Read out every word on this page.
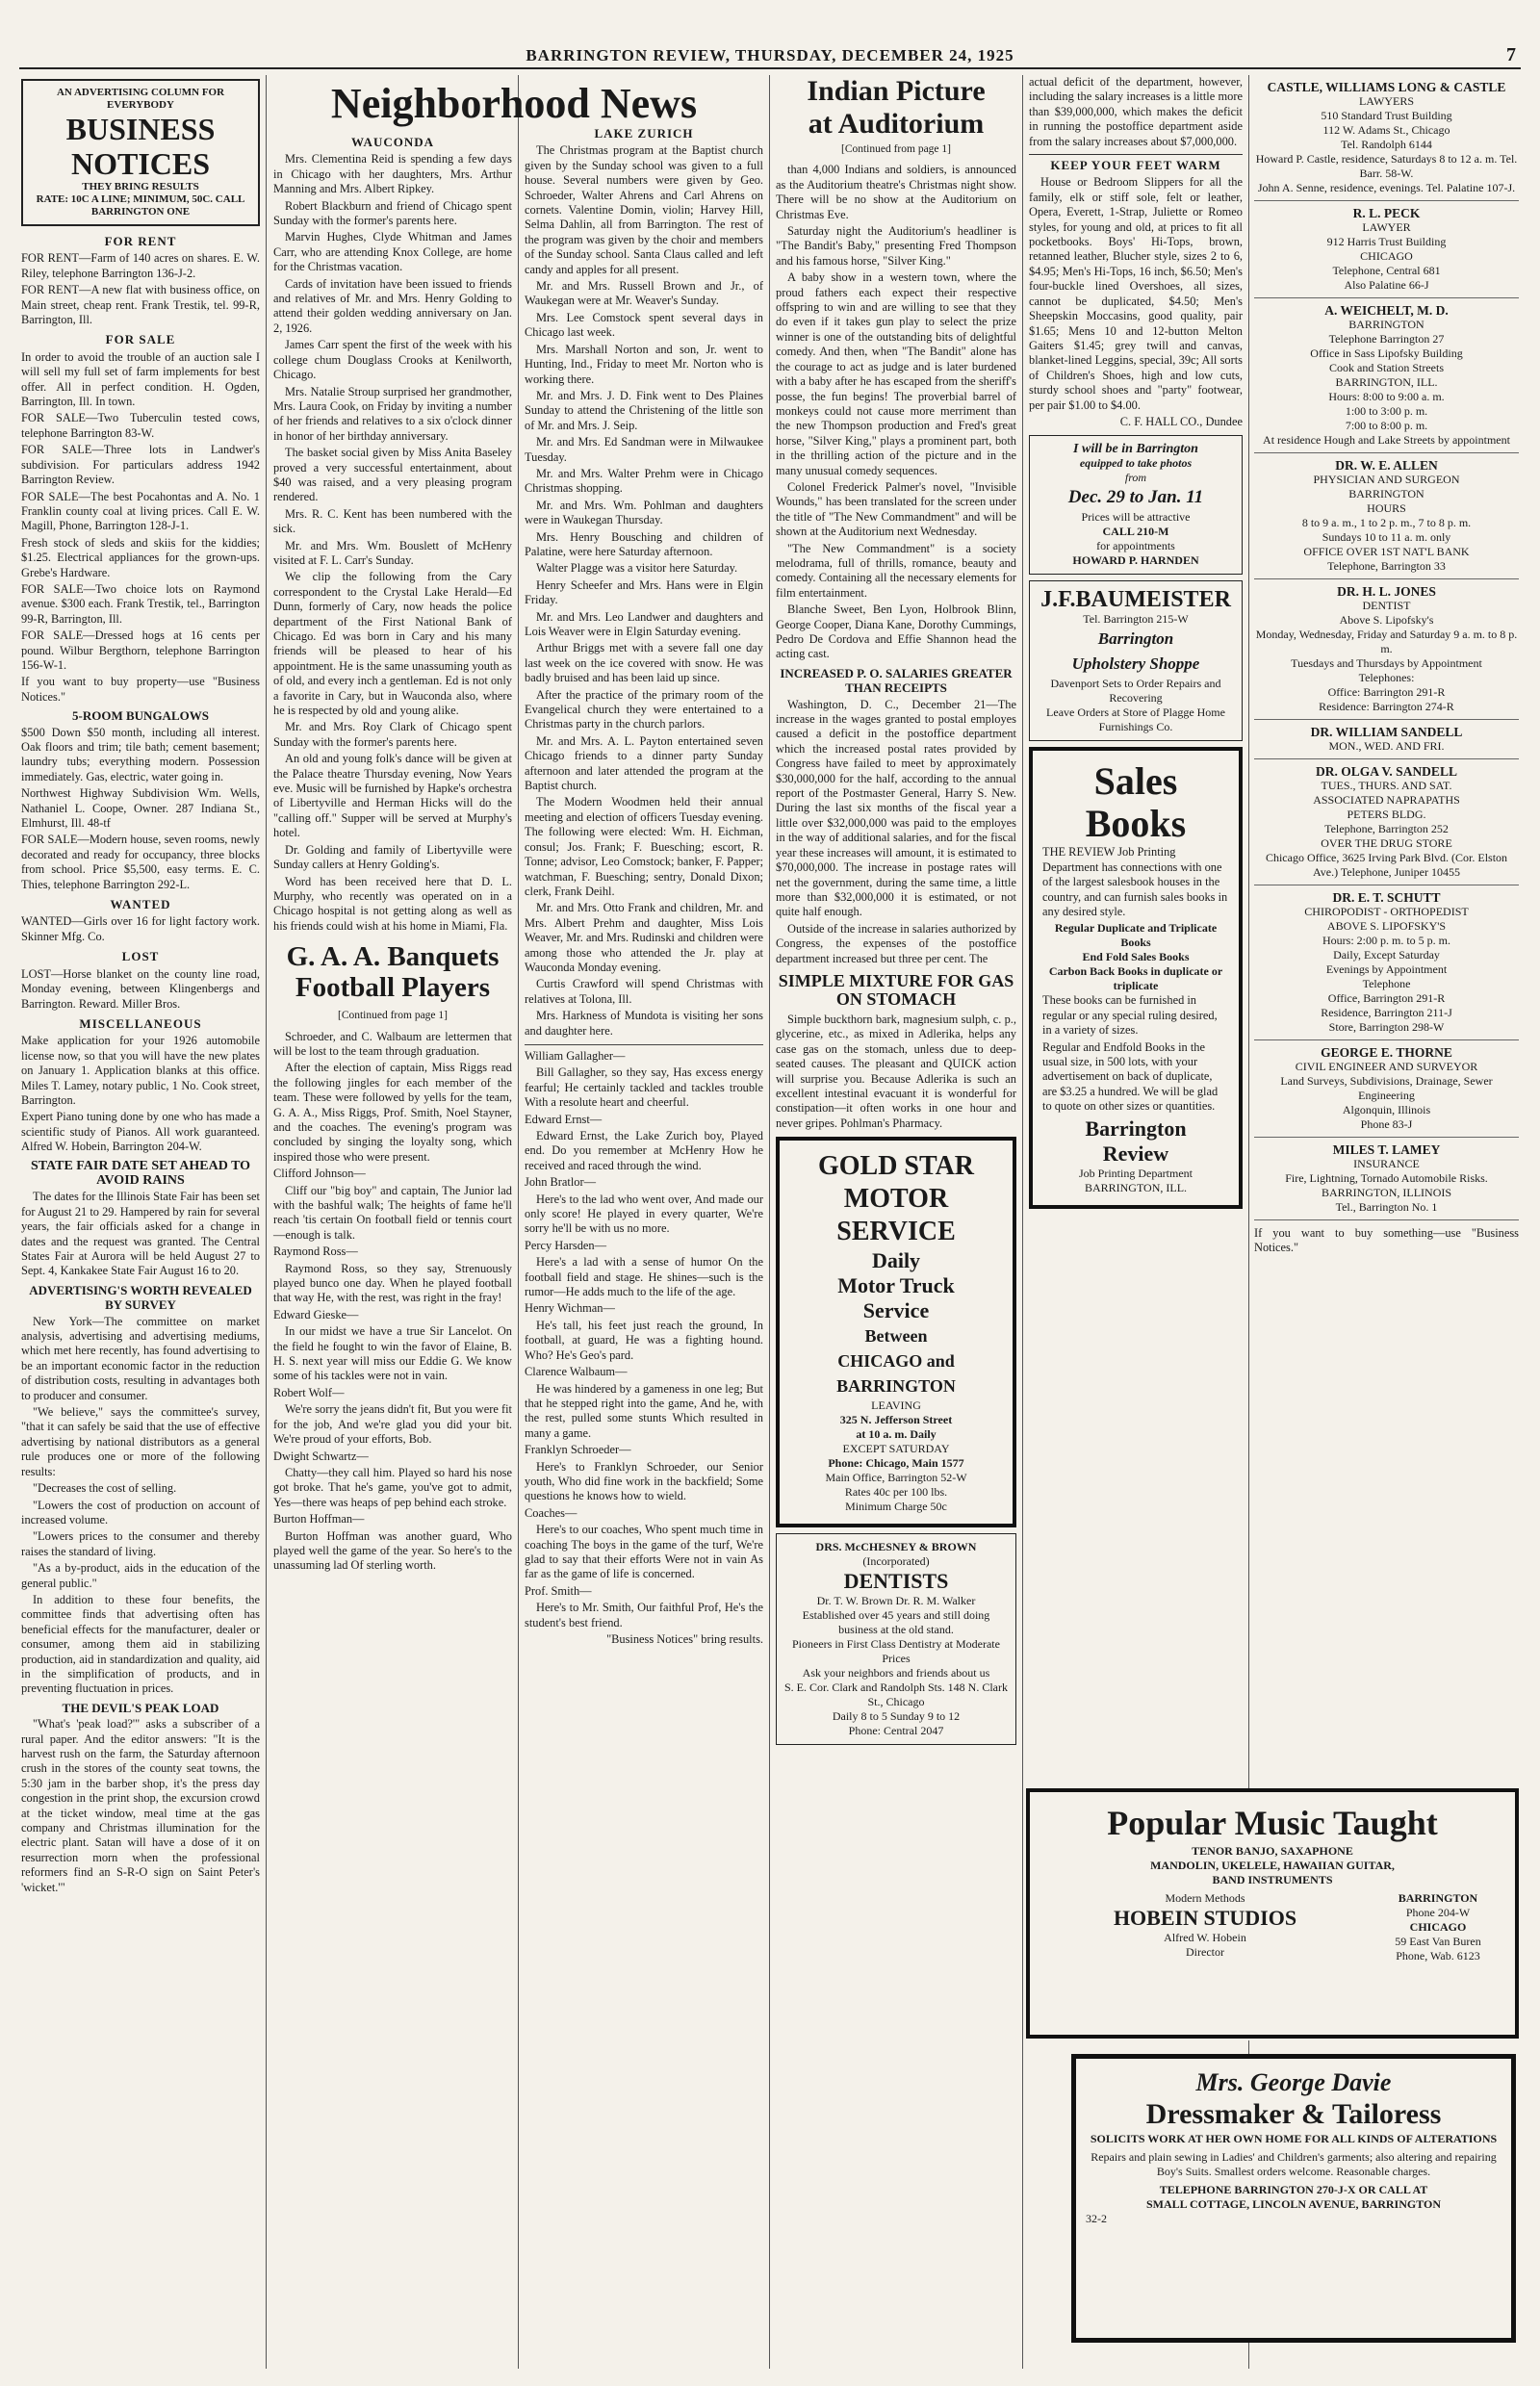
BARRINGTON REVIEW, THURSDAY, DECEMBER 24, 1925	7
AN ADVERTISING COLUMN FOR EVERYBODY
BUSINESS NOTICES
THEY BRING RESULTS
RATE: 10C A LINE; MINIMUM, 50C. CALL BARRINGTON ONE
FOR RENT

FOR RENT—Farm of 140 acres on shares. E. W. Riley, telephone Barrington 136-J-2.

FOR RENT—A new flat with business office, on Main street, cheap rent. Frank Trestik, tel. 99-R, Barrington, Ill.

FOR SALE

In order to avoid the trouble of an auction sale I will sell my full set of farm implements for best offer. All in perfect condition. H. Ogden, Barrington, Ill. In town.

FOR SALE—Two Tuberculin tested cows, telephone Barrington 83-W.

FOR SALE—Three lots in Landwer's subdivision. For particulars address 1942 Barrington Review.

FOR SALE—The best Pocahontas and A. No. 1 Franklin county coal at living prices. Call E. W. Magill, Phone, Barrington 128-J-1.

Fresh stock of sleds and skiis for the kiddies; $1.25. Electrical appliances for the grown-ups. Grebe's Hardware.

FOR SALE—Two choice lots on Raymond avenue. $300 each. Frank Trestik, tel., Barrington 99-R, Barrington, Ill.

FOR SALE—Dressed hogs at 16 cents per pound. Wilbur Bergthorn, telephone Barrington 156-W-1.

If you want to buy property—use "Business Notices."

5-ROOM BUNGALOWS

$500 Down $50 month, including all interest. Oak floors and trim; tile bath; cement basement; laundry tubs; everything modern. Possession immediately. Gas, electric, water going in.

Northwest Highway Subdivision Wm. Wells, Nathaniel L. Coope, Owner. 287 Indiana St., Elmhurst, Ill. 48-tf

FOR SALE—Modern house, seven rooms, newly decorated and ready for occupancy, three blocks from school. Price $5,500, easy terms. E. C. Thies, telephone Barrington 292-L.

WANTED

WANTED—Girls over 16 for light factory work. Skinner Mfg. Co.

LOST

LOST—Horse blanket on the county line road, Monday evening, between Klingenbergs and Barrington. Reward. Miller Bros.

MISCELLANEOUS

Make application for your 1926 automobile license now, so that you will have the new plates on January 1. Application blanks at this office. Miles T. Lamey, notary public, 1 No. Cook street, Barrington.

Expert Piano tuning done by one who has made a scientific study of Pianos. All work guaranteed. Alfred W. Hobein, Barrington 204-W.

STATE FAIR DATE SET AHEAD TO AVOID RAINS

The dates for the Illinois State Fair has been set for August 21 to 29. Hampered by rain for several years, the fair officials asked for a change in dates and the request was granted. The Central States Fair at Aurora will be held August 27 to Sept. 4, Kankakee State Fair August 16 to 20.

ADVERTISING'S WORTH REVEALED BY SURVEY

New York—The committee on market analysis, advertising and advertising mediums, which met here recently, has found advertising to be an important economic factor in the reduction of distribution costs, resulting in advantages both to producer and consumer.

"We believe," says the committee's survey, "that it can safely be said that the use of effective advertising by national distributors as a general rule produces one or more of the following results:

"Decreases the cost of selling.

"Lowers the cost of production on account of increased volume.

"Lowers prices to the consumer and thereby raises the standard of living.

"As a by-product, aids in the education of the general public."

In addition to these four benefits, the committee finds that advertising often has beneficial effects for the manufacturer, dealer or consumer, among them aid in stabilizing production, aid in standardization and quality, aid in the simplification of products, and in preventing fluctuation in prices.

THE DEVIL'S PEAK LOAD

"What's 'peak load?'" asks a subscriber of a rural paper. And the editor answers: "It is the harvest rush on the farm, the Saturday afternoon crush in the stores of the county seat towns, the 5:30 jam in the barber shop, it's the press day congestion in the print shop, the excursion crowd at the ticket window, meal time at the gas company and Christmas illumination for the electric plant. Satan will have a dose of it on resurrection morn when the professional reformers find an S-R-O sign on Saint Peter's 'wicket.'"

Neighborhood News
WAUCONDA

Mrs. Clementina Reid is spending a few days in Chicago with her daughters, Mrs. Arthur Manning and Mrs. Albert Ripkey.

Robert Blackburn and friend of Chicago spent Sunday with the former's parents here.

Marvin Hughes, Clyde Whitman and James Carr, who are attending Knox College, are home for the Christmas vacation.

Cards of invitation have been issued to friends and relatives of Mr. and Mrs. Henry Golding to attend their golden wedding anniversary on Jan. 2, 1926.

James Carr spent the first of the week with his college chum Douglass Crooks at Kenilworth, Chicago.

Mrs. Natalie Stroup surprised her grandmother, Mrs. Laura Cook, on Friday by inviting a number of her friends and relatives to a six o'clock dinner in honor of her birthday anniversary.

The basket social given by Miss Anita Baseley proved a very successful entertainment, about $40 was raised, and a very pleasing program rendered.

Mrs. R. C. Kent has been numbered with the sick.

Mr. and Mrs. Wm. Bouslett of McHenry visited at F. L. Carr's Sunday.

We clip the following from the Cary correspondent to the Crystal Lake Herald—Ed Dunn, formerly of Cary, now heads the police department of the First National Bank of Chicago. Ed was born in Cary and his many friends will be pleased to hear of his appointment. He is the same unassuming youth as of old, and every inch a gentleman. Ed is not only a favorite in Cary, but in Wauconda also, where he is respected by old and young alike.

Mr. and Mrs. Roy Clark of Chicago spent Sunday with the former's parents here.

An old and young folk's dance will be given at the Palace theatre Thursday evening, Now Years eve. Music will be furnished by Hapke's orchestra of Libertyville and Herman Hicks will do the "calling off." Supper will be served at Murphy's hotel.

Dr. Golding and family of Libertyville were Sunday callers at Henry Golding's.

Word has been received here that D. L. Murphy, who recently was operated on in a Chicago hospital is not getting along as well as his friends could wish at his home in Miami, Fla.

G. A. A. Banquets Football Players
[Continued from page 1]

Schroeder, and C. Walbaum are lettermen that will be lost to the team through graduation.

After the election of captain, Miss Riggs read the following jingles for each member of the team. These were followed by yells for the team, G. A. A., Miss Riggs, Prof. Smith, Noel Stayner, and the coaches. The evening's program was concluded by singing the loyalty song, which inspired those who were present.

Clifford Johnson—

Cliff our "big boy" and captain, The Junior lad with the bashful walk; The heights of fame he'll reach 'tis certain On football field or tennis court—enough is talk.

Raymond Ross—

Raymond Ross, so they say, Strenuously played bunco one day. When he played football that way He, with the rest, was right in the fray!

Edward Gieske—

In our midst we have a true Sir Lancelot. On the field he fought to win the favor of Elaine, B. H. S. next year will miss our Eddie G. We know some of his tackles were not in vain.

Robert Wolf—

We're sorry the jeans didn't fit, But you were fit for the job, And we're glad you did your bit. We're proud of your efforts, Bob.

Dwight Schwartz—

Chatty—they call him. Played so hard his nose got broke. That he's game, you've got to admit, Yes—there was heaps of pep behind each stroke.

Burton Hoffman—

Burton Hoffman was another guard, Who played well the game of the year. So here's to the unassuming lad Of sterling worth.

LAKE ZURICH

The Christmas program at the Baptist church given by the Sunday school was given to a full house. Several numbers were given by Geo. Schroeder, Walter Ahrens and Carl Ahrens on cornets. Valentine Domin, violin; Harvey Hill, Selma Dahlin, all from Barrington. The rest of the program was given by the choir and members of the Sunday school. Santa Claus called and left candy and apples for all present.

Mr. and Mrs. Russell Brown and Jr., of Waukegan were at Mr. Weaver's Sunday.

Mrs. Lee Comstock spent several days in Chicago last week.

Mrs. Marshall Norton and son, Jr. went to Hunting, Ind., Friday to meet Mr. Norton who is working there.

Mr. and Mrs. J. D. Fink went to Des Plaines Sunday to attend the Christening of the little son of Mr. and Mrs. J. Seip.

Mr. and Mrs. Ed Sandman were in Milwaukee Tuesday.

Mr. and Mrs. Walter Prehm were in Chicago Christmas shopping.

Mr. and Mrs. Wm. Pohlman and daughters were in Waukegan Thursday.

Mrs. Henry Bousching and children of Palatine, were here Saturday afternoon.

Walter Plagge was a visitor here Saturday.

Henry Scheefer and Mrs. Hans were in Elgin Friday.

Mr. and Mrs. Leo Landwer and daughters and Lois Weaver were in Elgin Saturday evening.

Arthur Briggs met with a severe fall one day last week on the ice covered with snow. He was badly bruised and has been laid up since.

After the practice of the primary room of the Evangelical church they were entertained to a Christmas party in the church parlors.

Mr. and Mrs. A. L. Payton entertained seven Chicago friends to a dinner party Sunday afternoon and later attended the program at the Baptist church.

The Modern Woodmen held their annual meeting and election of officers Tuesday evening. The following were elected: Wm. H. Eichman, consul; Jos. Frank; F. Buesching; escort, R. Tonne; advisor, Leo Comstock; banker, F. Papper; watchman, F. Buesching; sentry, Donald Dixon; clerk, Frank Deihl.

Mr. and Mrs. Otto Frank and children, Mr. and Mrs. Albert Prehm and daughter, Miss Lois Weaver, Mr. and Mrs. Rudinski and children were among those who attended the Jr. play at Wauconda Monday evening.

Curtis Crawford will spend Christmas with relatives at Tolona, Ill.

Mrs. Harkness of Mundota is visiting her sons and daughter here.

William Gallagher—

Bill Gallagher, so they say, Has excess energy fearful; He certainly tackled and tackles trouble With a resolute heart and cheerful.

Edward Ernst—

Edward Ernst, the Lake Zurich boy, Played end. Do you remember at McHenry How he received and raced through the wind.

John Bratlor—

Here's to the lad who went over, And made our only score! He played in every quarter, We're sorry he'll be with us no more.

Percy Harsden—

Here's a lad with a sense of humor On the football field and stage. He shines—such is the rumor—He adds much to the life of the age.

Henry Wichman—

He's tall, his feet just reach the ground, In football, at guard, He was a fighting hound. Who? He's Geo's pard.

Clarence Walbaum—

He was hindered by a gameness in one leg; But that he stepped right into the game, And he, with the rest, pulled some stunts Which resulted in many a game.

Franklyn Schroeder—

Here's to Franklyn Schroeder, our Senior youth, Who did fine work in the backfield; Some questions he knows how to wield.

Coaches—

Here's to our coaches, Who spent much time in coaching The boys in the game of the turf, We're glad to say that their efforts Were not in vain As far as the game of life is concerned.

Prof. Smith—

Here's to Mr. Smith, Our faithful Prof, He's the student's best friend.

"Business Notices" bring results.

Indian Picture
at Auditorium
[Continued from page 1]

than 4,000 Indians and soldiers, is announced as the Auditorium theatre's Christmas night show. There will be no show at the Auditorium on Christmas Eve.

Saturday night the Auditorium's headliner is "The Bandit's Baby," presenting Fred Thompson and his famous horse, "Silver King."

A baby show in a western town, where the proud fathers each expect their respective offspring to win and are willing to see that they do even if it takes gun play to select the prize winner is one of the outstanding bits of delightful comedy. And then, when "The Bandit" alone has the courage to act as judge and is later burdened with a baby after he has escaped from the sheriff's posse, the fun begins! The proverbial barrel of monkeys could not cause more merriment than the new Thompson production and Fred's great horse, "Silver King," plays a prominent part, both in the thrilling action of the picture and in the many unusual comedy sequences.

Colonel Frederick Palmer's novel, "Invisible Wounds," has been translated for the screen under the title of "The New Commandment" and will be shown at the Auditorium next Wednesday.

"The New Commandment" is a society melodrama, full of thrills, romance, beauty and comedy. Containing all the necessary elements for film entertainment.

Blanche Sweet, Ben Lyon, Holbrook Blinn, George Cooper, Diana Kane, Dorothy Cummings, Pedro De Cordova and Effie Shannon head the acting cast.

INCREASED P. O. SALARIES GREATER THAN RECEIPTS

Washington, D. C., December 21—The increase in the wages granted to postal employes caused a deficit in the postoffice department which the increased postal rates provided by Congress have failed to meet by approximately $30,000,000 for the half, according to the annual report of the Postmaster General, Harry S. New. During the last six months of the fiscal year a little over $32,000,000 was paid to the employes in the way of additional salaries, and for the fiscal year these increases will amount, it is estimated to $70,000,000. The increase in postage rates will net the government, during the same time, a little more than $32,000,000 it is estimated, or not quite half enough.

Outside of the increase in salaries authorized by Congress, the expenses of the postoffice department increased but three per cent. The

SIMPLE MIXTURE FOR GAS ON STOMACH

Simple buckthorn bark, magnesium sulph, c. p., glycerine, etc., as mixed in Adlerika, helps any case gas on the stomach, unless due to deep-seated causes. The pleasant and QUICK action will surprise you. Because Adlerika is such an excellent intestinal evacuant it is wonderful for constipation—it often works in one hour and never gripes. Pohlman's Pharmacy.

GOLD STAR MOTOR SERVICE
Daily
Motor Truck
Service
Between
CHICAGO and
BARRINGTON
LEAVING
325 N. Jefferson Street
at 10 a. m. Daily
EXCEPT SATURDAY
Phone: Chicago, Main 1577
Main Office, Barrington 52-W
Rates 40c per 100 lbs.
Minimum Charge 50c
DRS. McCHESNEY & BROWN
(Incorporated)
DENTISTS
Dr. T. W. Brown Dr. R. M. Walker
Established over 45 years and still doing business at the old stand.
Pioneers in First Class Dentistry at Moderate Prices
Ask your neighbors and friends about us
S. E. Cor. Clark and Randolph Sts. 148 N. Clark St., Chicago
Daily 8 to 5 Sunday 9 to 12
Phone: Central 2047

actual deficit of the department, however, including the salary increases is a little more than $39,000,000, which makes the deficit in running the postoffice department aside from the salary increases about $7,000,000.

KEEP YOUR FEET WARM

House or Bedroom Slippers for all the family, elk or stiff sole, felt or leather, Opera, Everett, 1-Strap, Juliette or Romeo styles, for young and old, at prices to fit all pocketbooks. Boys' Hi-Tops, brown, retanned leather, Blucher style, sizes 2 to 6, $4.95; Men's Hi-Tops, 16 inch, $6.50; Men's four-buckle lined Overshoes, all sizes, cannot be duplicated, $4.50; Men's Sheepskin Moccasins, good quality, pair $1.65; Mens 10 and 12-button Melton Gaiters $1.45; grey twill and canvas, blanket-lined Leggins, special, 39c; All sorts of Children's Shoes, high and low cuts, sturdy school shoes and "party" footwear, per pair $1.00 to $4.00.

C. F. HALL CO., Dundee

I will be in Barrington
equipped to take photos
from
Dec. 29 to Jan. 11
Prices will be attractive
CALL 210-M
for appointments
HOWARD P. HARNDEN
J.F.BAUMEISTER
Tel. Barrington 215-W
Barrington
Upholstery Shoppe
Davenport Sets to Order Repairs and Recovering
Leave Orders at Store of Plagge Home Furnishings Co.
Sales
Books

THE REVIEW Job Printing Department has connections with one of the largest salesbook houses in the country, and can furnish sales books in any desired style.

Regular Duplicate and Triplicate Books
End Fold Sales Books
Carbon Back Books in duplicate or triplicate

These books can be furnished in regular or any special ruling desired, in a variety of sizes.

Regular and Endfold Books in the usual size, in 500 lots, with your advertisement on back of duplicate, are $3.25 a hundred. We will be glad to quote on other sizes or quantities.

Barrington
Review
Job Printing Department
BARRINGTON, ILL.
Popular Music Taught
TENOR BANJO, SAXAPHONE
MANDOLIN, UKELELE, HAWAIIAN GUITAR,
BAND INSTRUMENTS
Modern Methods
HOBEIN STUDIOS
Alfred W. Hobein
Director
BARRINGTON
Phone 204-W
CHICAGO
59 East Van Buren
Phone, Wab. 6123
Mrs. George Davie
Dressmaker & Tailoress
SOLICITS WORK AT HER OWN HOME FOR ALL KINDS OF ALTERATIONS
Repairs and plain sewing in Ladies' and Children's garments; also altering and repairing Boy's Suits. Smallest orders welcome. Reasonable charges.
TELEPHONE BARRINGTON 270-J-X OR CALL AT
SMALL COTTAGE, LINCOLN AVENUE, BARRINGTON
32-2
CASTLE, WILLIAMS LONG & CASTLE
LAWYERS
510 Standard Trust Building
112 W. Adams St., Chicago
Tel. Randolph 6144
Howard P. Castle, residence, Saturdays 8 to 12 a. m. Tel. Barr. 58-W.
John A. Senne, residence, evenings. Tel. Palatine 107-J.
R. L. PECK
LAWYER
912 Harris Trust Building
CHICAGO
Telephone, Central 681
Also Palatine 66-J
A. WEICHELT, M. D.
BARRINGTON
Telephone Barrington 27
Office in Sass Lipofsky Building
Cook and Station Streets
BARRINGTON, ILL.
Hours: 8:00 to 9:00 a. m.
1:00 to 3:00 p. m.
7:00 to 8:00 p. m.
At residence Hough and Lake Streets by appointment
DR. W. E. ALLEN
PHYSICIAN AND SURGEON
BARRINGTON
HOURS
8 to 9 a. m., 1 to 2 p. m., 7 to 8 p. m.
Sundays 10 to 11 a. m. only
OFFICE OVER 1ST NAT'L BANK
Telephone, Barrington 33
DR. H. L. JONES
DENTIST
Above S. Lipofsky's
Monday, Wednesday, Friday and Saturday 9 a. m. to 8 p. m.
Tuesdays and Thursdays by Appointment
Telephones:
Office: Barrington 291-R
Residence: Barrington 274-R
DR. WILLIAM SANDELL
MON., WED. AND FRI.
DR. OLGA V. SANDELL
TUES., THURS. AND SAT.
ASSOCIATED NAPRAPATHS
PETERS BLDG.
Telephone, Barrington 252
OVER THE DRUG STORE
Chicago Office, 3625 Irving Park Blvd. (Cor. Elston Ave.) Telephone, Juniper 10455
DR. E. T. SCHUTT
CHIROPODIST - ORTHOPEDIST
ABOVE S. LIPOFSKY'S
Hours: 2:00 p. m. to 5 p. m.
Daily, Except Saturday
Evenings by Appointment
Telephone
Office, Barrington 291-R
Residence, Barrington 211-J
Store, Barrington 298-W
GEORGE E. THORNE
CIVIL ENGINEER AND SURVEYOR
Land Surveys, Subdivisions, Drainage, Sewer Engineering
Algonquin, Illinois
Phone 83-J
MILES T. LAMEY
INSURANCE
Fire, Lightning, Tornado Automobile Risks.
BARRINGTON, ILLINOIS
Tel., Barrington No. 1

If you want to buy something—use "Business Notices."
